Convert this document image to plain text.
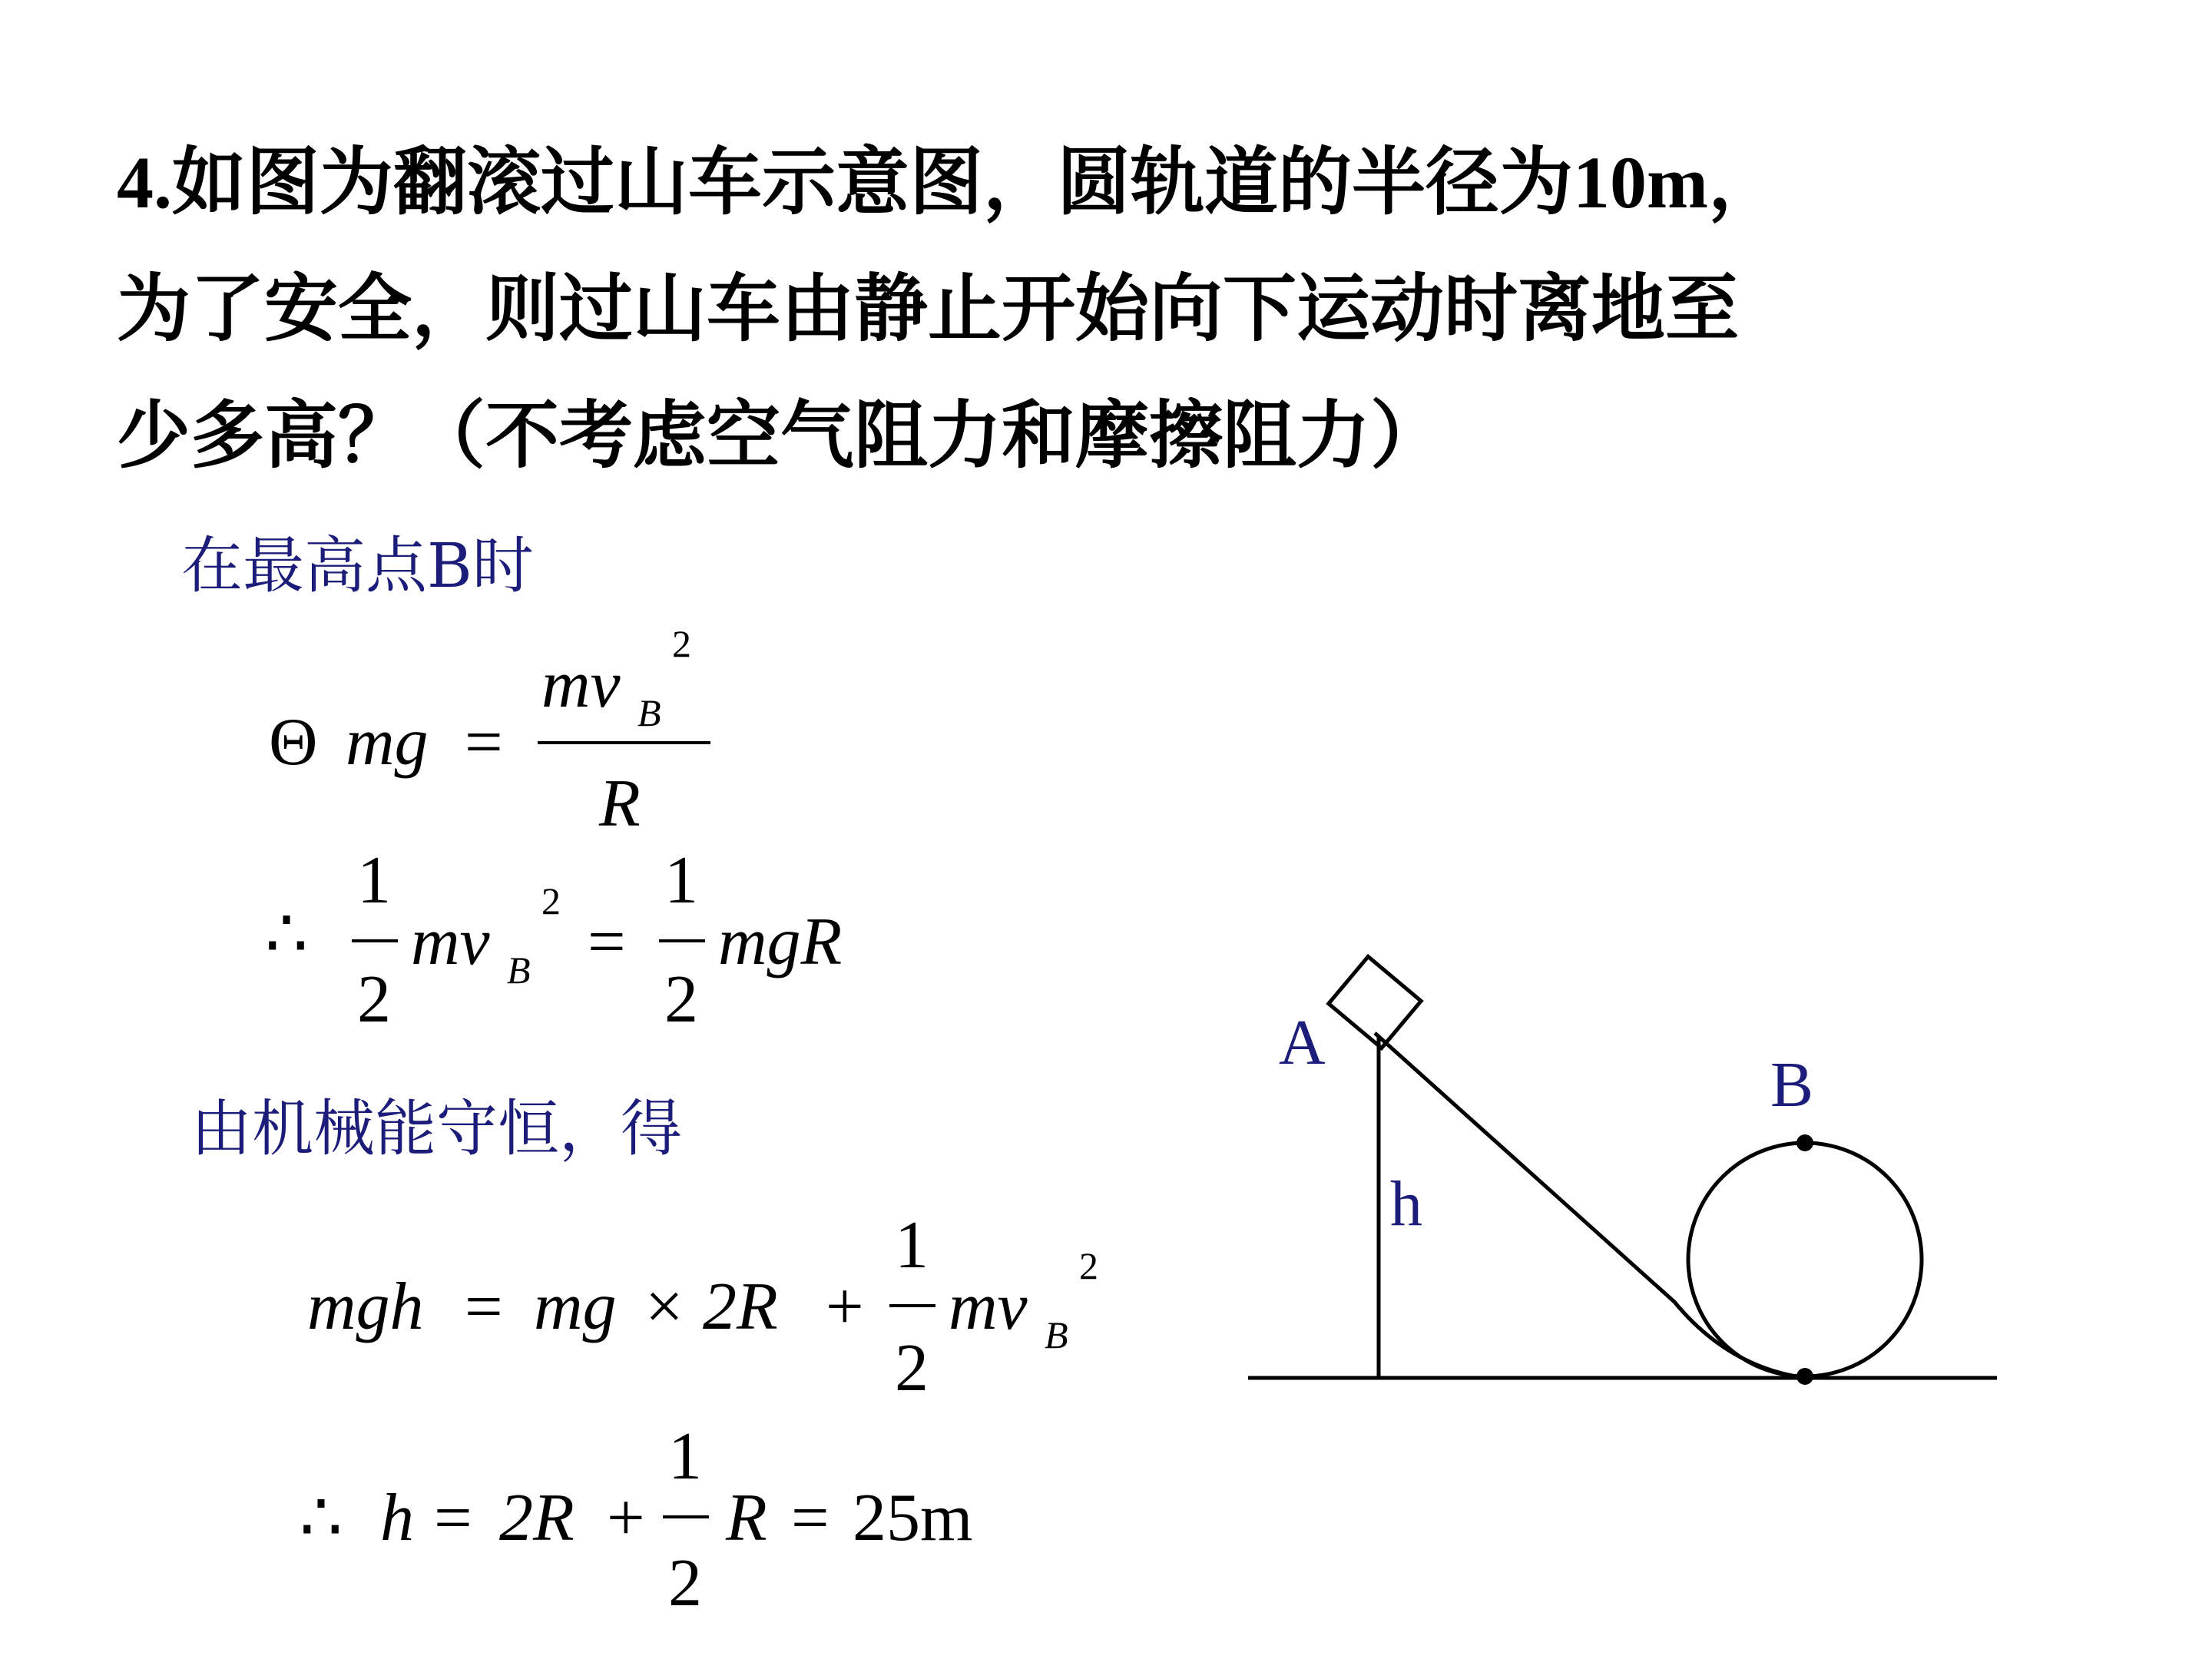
4.如图为翻滚过山车示意图，圆轨道的半径为10m，
为了安全，则过山车由静止开始向下运动时离地至
少多高？（不考虑空气阻力和摩擦阻力）

在最高点B时

Θ mg =
mv B
2
R
∴
1
2
mv B
2
=
1
2
mgR

由机械能守恒，得

mgh = mg × 2R +
1
2
mv B
2
∴ h = 2R +
1
2
R = 25m
A
B
h
